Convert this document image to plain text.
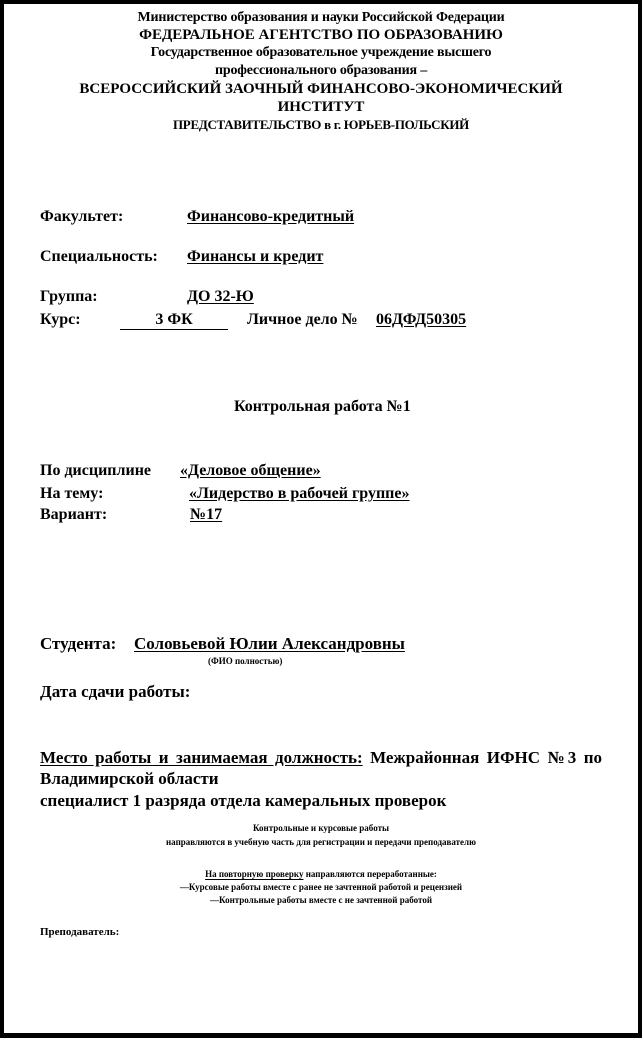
Министерство образования и науки Российской Федерации
ФЕДЕРАЛЬНОЕ АГЕНТСТВО ПО ОБРАЗОВАНИЮ
Государственное образовательное учреждение высшего
профессионального образования –
ВСЕРОССИЙСКИЙ ЗАОЧНЫЙ ФИНАНСОВО-ЭКОНОМИЧЕСКИЙ
ИНСТИТУТ
ПРЕДСТАВИТЕЛЬСТВО в г. ЮРЬЕВ-ПОЛЬСКИЙ
Факультет:	Финансово-кредитный
Специальность: Финансы и кредит
Группа:	ДО 32-Ю
Курс:	3 ФК	Личное дело № 06ДФД50305
Контрольная работа №1
По дисциплине «Деловое общение»
На тему:	«Лидерство в рабочей группе»
Вариант:	№17
Студента: Соловьевой Юлии Александровны
(ФИО полностью)
Дата сдачи работы:
Место работы и занимаемая должность: Межрайонная ИФНС №3 по
Владимирской области
специалист 1 разряда отдела камеральных проверок
Контрольные и курсовые работы
направляются в учебную часть для регистрации и передачи преподавателю
На повторную проверку направляются переработанные:
—Курсовые работы вместе с ранее не зачтенной работой и рецензией
—Контрольные работы вместе с не зачтенной работой
Преподаватель:
